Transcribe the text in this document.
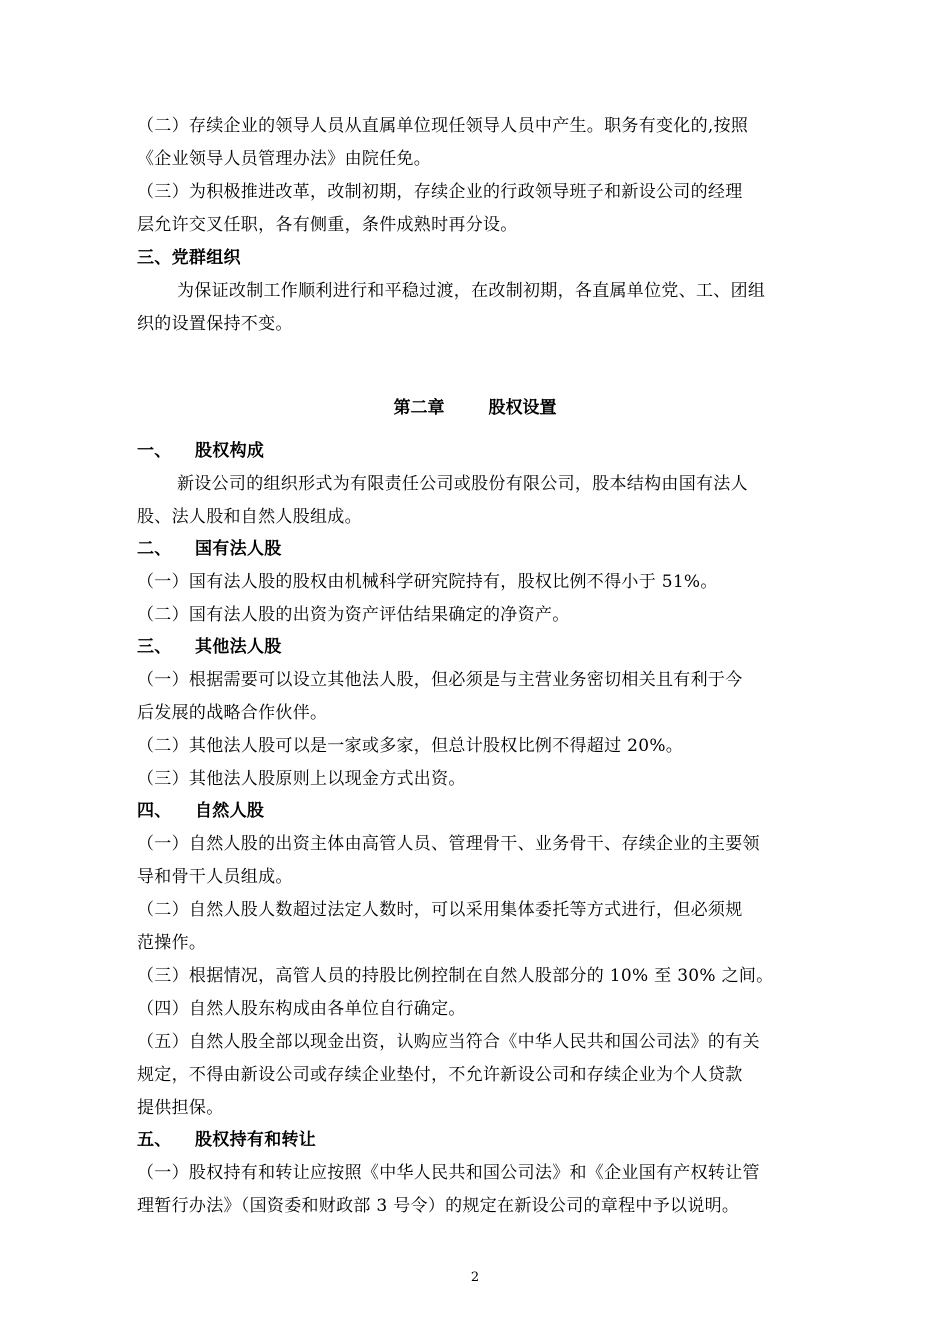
（二）存续企业的领导人员从直属单位现任领导人员中产生。职务有变化的,按照
《企业领导人员管理办法》由院任免。
（三）为积极推进改革，改制初期，存续企业的行政领导班子和新设公司的经理
层允许交叉任职，各有侧重，条件成熟时再分设。
三、党群组织
为保证改制工作顺利进行和平稳过渡，在改制初期，各直属单位党、工、团组
织的设置保持不变。
第二章	股权设置
一、 股权构成
新设公司的组织形式为有限责任公司或股份有限公司，股本结构由国有法人
股、法人股和自然人股组成。
二、 国有法人股
（一）国有法人股的股权由机械科学研究院持有，股权比例不得小于 51%。
（二）国有法人股的出资为资产评估结果确定的净资产。
三、 其他法人股
（一）根据需要可以设立其他法人股，但必须是与主营业务密切相关且有利于今
后发展的战略合作伙伴。
（二）其他法人股可以是一家或多家，但总计股权比例不得超过 20%。
（三）其他法人股原则上以现金方式出资。
四、 自然人股
（一）自然人股的出资主体由高管人员、管理骨干、业务骨干、存续企业的主要领
导和骨干人员组成。
（二）自然人股人数超过法定人数时，可以采用集体委托等方式进行，但必须规
范操作。
（三）根据情况，高管人员的持股比例控制在自然人股部分的 10% 至 30% 之间。
（四）自然人股东构成由各单位自行确定。
（五）自然人股全部以现金出资，认购应当符合《中华人民共和国公司法》的有关
规定，不得由新设公司或存续企业垫付，不允许新设公司和存续企业为个人贷款
提供担保。
五、 股权持有和转让
（一）股权持有和转让应按照《中华人民共和国公司法》和《企业国有产权转让管
理暂行办法》（国资委和财政部 3 号令）的规定在新设公司的章程中予以说明。
2
